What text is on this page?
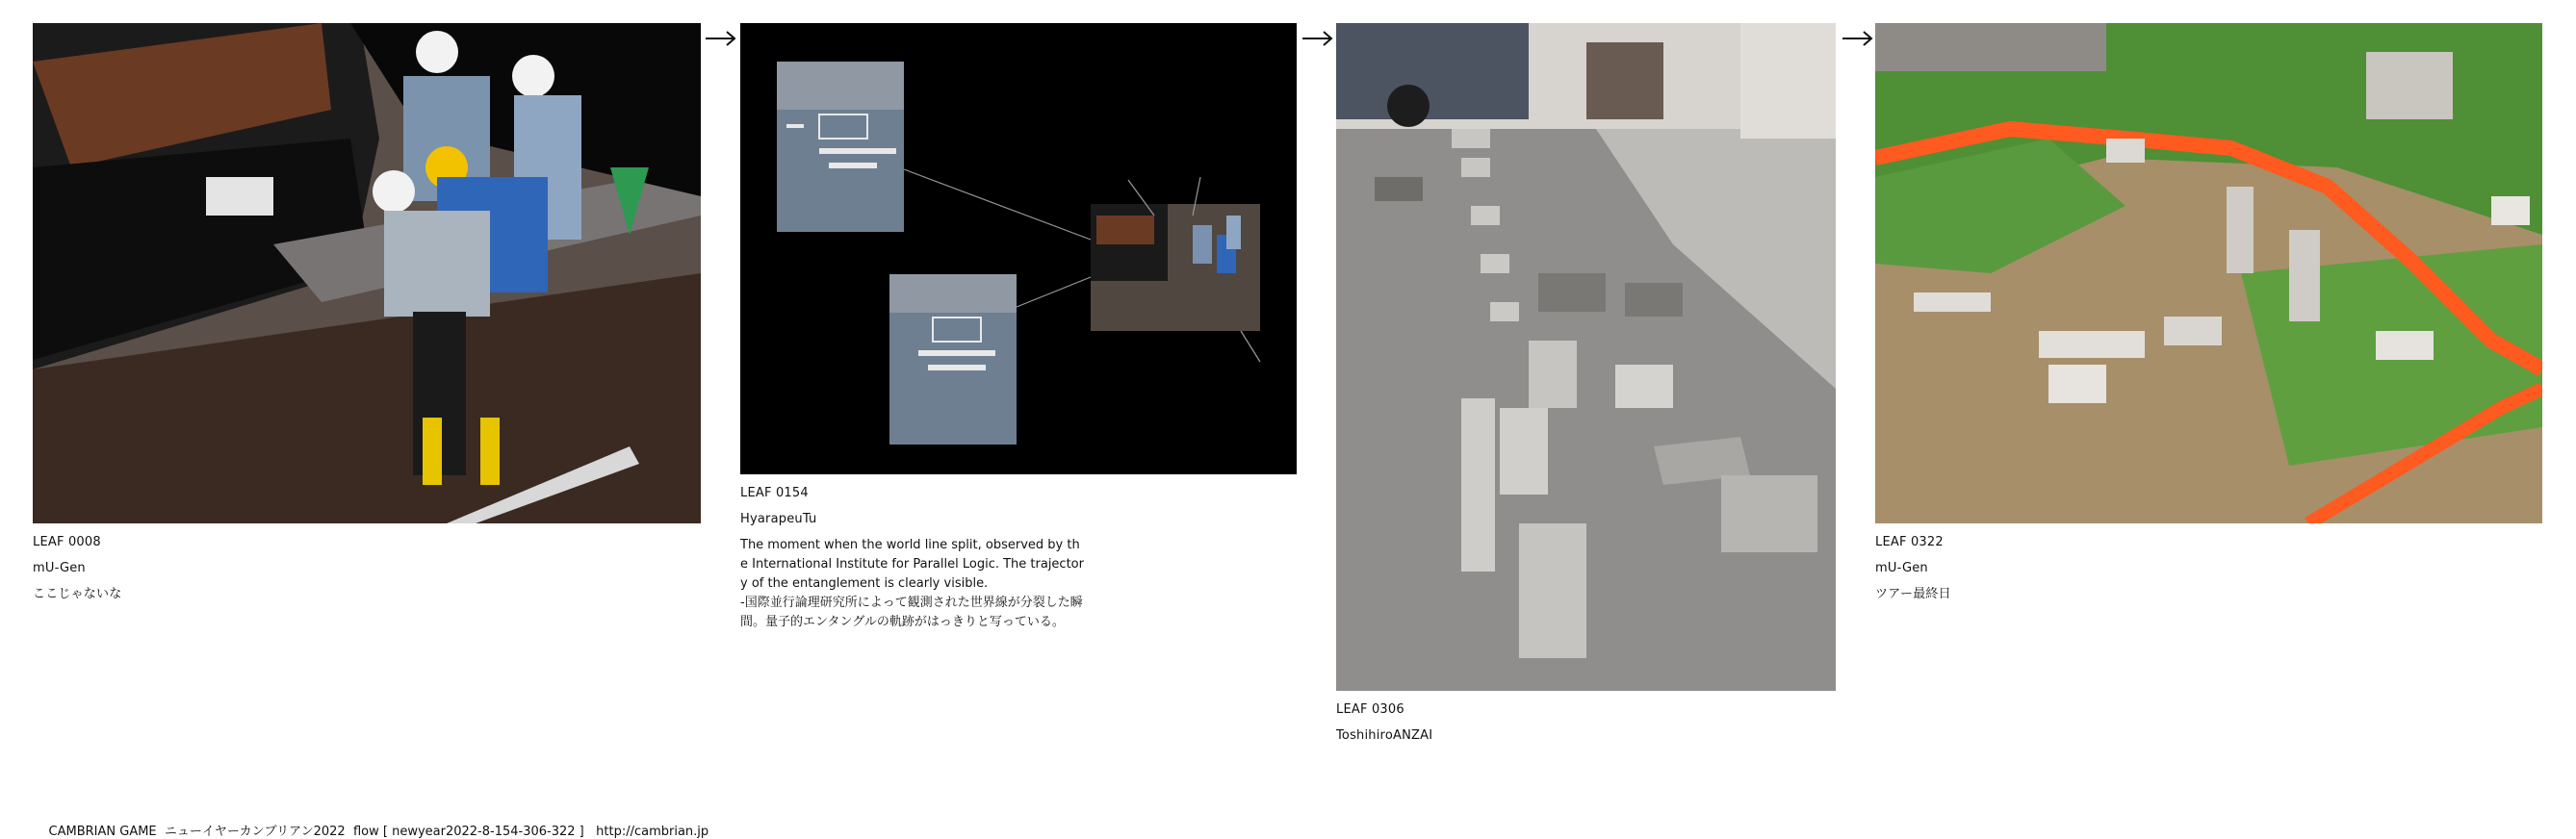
LEAF 0008
mU-Gen
ここじゃないな
LEAF 0154
HyarapeuTu

The moment when the world line split, observed by the International Institute for Parallel Logic. The trajectory of the entanglement is clearly visible.

-国際並行論理研究所によって観測された世界線が分裂した瞬間。量子的エンタングルの軌跡がはっきりと写っている。

LEAF 0306
ToshihiroANZAI
LEAF 0322
mU-Gen
ツアー最終日

CAMBRIAN GAME ニューイヤーカンブリアン2022 flow [ newyear2022-8-154-306-322 ] http://cambrian.jp
